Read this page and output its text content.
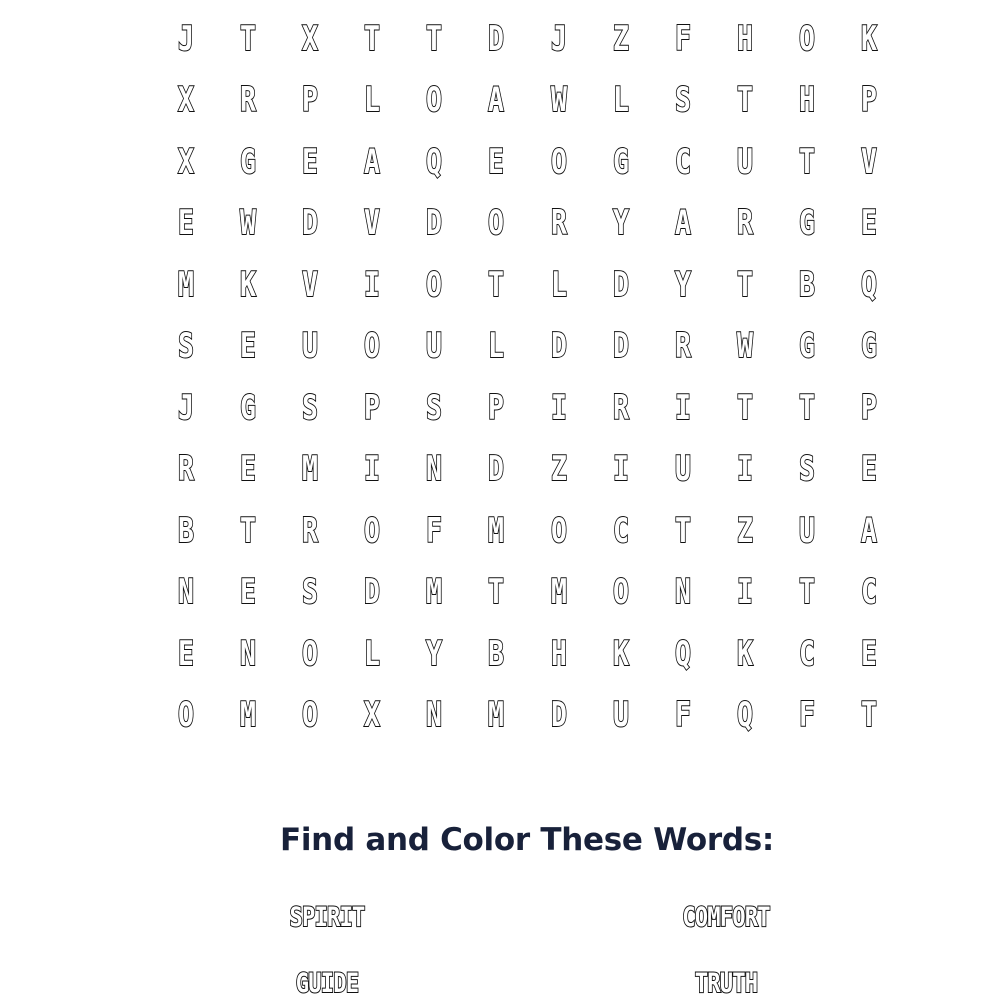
J	T	X	T	T	D	J	Z	F	H	O	K
X	R	P	L	O	A	W	L	S	T	H	P
X	G	E	A	Q	E	O	G	C	U	T	V
E	W	D	V	D	O	R	Y	A	R	G	E
M	K	V	I	O	T	L	D	Y	T	B	Q
S	E	U	O	U	L	D	D	R	W	G	G
J	G	S	P	S	P	I	R	I	T	T	P
R	E	M	I	N	D	Z	I	U	I	S	E
B	T	R	O	F	M	O	C	T	Z	U	A
N	E	S	D	M	T	M	O	N	I	T	C
E	N	O	L	Y	B	H	K	Q	K	C	E
O	M	O	X	N	M	D	U	F	Q	F	T
Find and Color These Words:
SPIRIT	COMFORT
GUIDE	TRUTH
